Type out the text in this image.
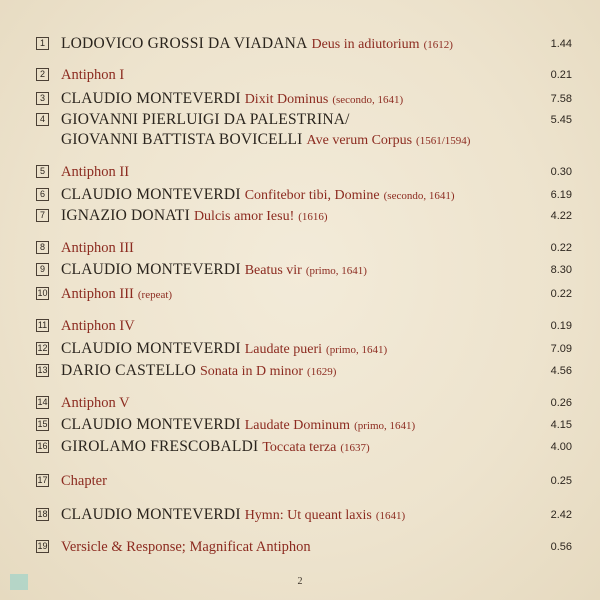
1 LODOVICO GROSSI DA VIADANA Deus in adiutorium (1612)	1.44
2 Antiphon I	0.21
3 CLAUDIO MONTEVERDI Dixit Dominus (secondo, 1641)	7.58
4 GIOVANNI PIERLUIGI DA PALESTRINA/	5.45
GIOVANNI BATTISTA BOVICELLI Ave verum Corpus (1561/1594)
5 Antiphon II	0.30
6 CLAUDIO MONTEVERDI Confitebor tibi, Domine (secondo, 1641)	6.19
7 IGNAZIO DONATI Dulcis amor Iesu! (1616)	4.22
8 Antiphon III	0.22
9 CLAUDIO MONTEVERDI Beatus vir (primo, 1641)	8.30
10 Antiphon III (repeat)	0.22
11 Antiphon IV	0.19
12 CLAUDIO MONTEVERDI Laudate pueri (primo, 1641)	7.09
13 DARIO CASTELLO Sonata in D minor (1629)	4.56
14 Antiphon V	0.26
15 CLAUDIO MONTEVERDI Laudate Dominum (primo, 1641)	4.15
16 GIROLAMO FRESCOBALDI Toccata terza (1637)	4.00
17 Chapter	0.25
18 CLAUDIO MONTEVERDI Hymn: Ut queant laxis (1641)	2.42
19 Versicle & Response; Magnificat Antiphon	0.56
2
